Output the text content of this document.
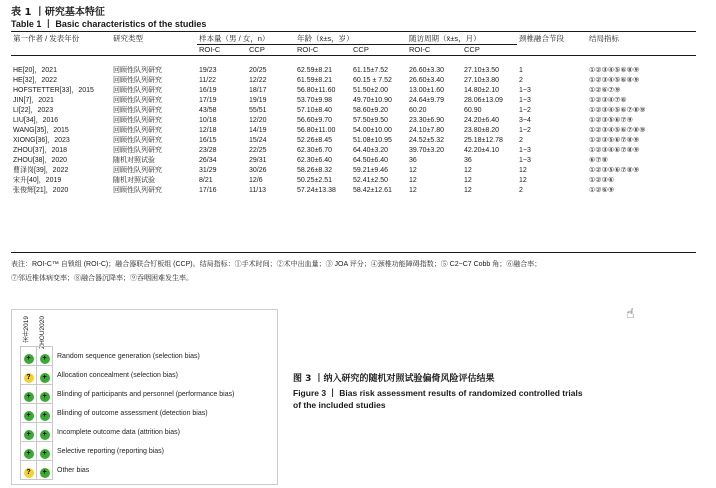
表 1 丨研究基本特征
Table 1 丨 Basic characteristics of the studies
第一作者 / 发表年份	研究类型	样本量（男 / 女，n）		年龄（x̄±s，岁）		随访周期（x̄±s，月）		颈椎融合节段	结局指标
		ROI-C	CCP	ROI-C	CCP	ROI-C	CCP		

HE[20]，2021	回顾性队列研究	19/23	20/25	62.59±8.21	61.15±7.52	26.60±3.30	27.10±3.50	1	①②③④⑤⑥⑧⑨
HE[32]，2022	回顾性队列研究	11/22	12/22	61.59±8.21	60.15 ± 7.52	26.60±3.40	27.10±3.80	2	①②③④⑤⑥⑧⑨
HOFSTETTER[33]，2015	回顾性队列研究	16/19	18/17	56.80±11.60	51.50±2.00	13.00±1.60	14.80±2.10	1−3	①②⑥⑦⑨
JIN[7]，2021	回顾性队列研究	17/19	19/19	53.70±9.98	49.70±10.90	24.64±9.79	28.06±13.09	1−3	①②③④⑦⑥
LI[22]，2023	回顾性队列研究	43/58	55/51	57.10±8.40	58.60±9.20	60.20	60.90	1−2	①②③④⑤⑥⑦⑧⑨
LIU[34]，2016	回顾性队列研究	10/18	12/20	56.60±9.70	57.50±9.50	23.30±6.90	24.20±6.40	3−4	①②③⑤⑥⑦⑨
WANG[35]，2015	回顾性队列研究	12/18	14/19	56.80±11.00	54.00±10.00	24.10±7.80	23.80±8.20	1−2	①②③④⑤⑥⑦⑧⑨
XIONG[36]，2023	回顾性队列研究	16/15	15/24	52.26±8.45	51.08±10.95	24.52±5.32	25.18±12.78	2	①②③⑤⑥⑦⑧⑨
ZHOU[37]，2018	回顾性队列研究	23/28	22/25	62.30±6.70	64.40±3.20	39.70±3.20	42.20±4.10	1−3	①②③④⑥⑦⑧⑨
ZHOU[38]，2020	随机对照试验	26/34	29/31	62.30±6.40	64.50±6.40	36	36	1−3	⑥⑦⑧
曹泽岗[39]，2022	回顾性队列研究	31/29	30/26	58.26±8.32	59.21±9.46	12	12	12	①②③⑤⑥⑦⑧⑨
宋升[40]，2019	随机对照试验	8/21	12/6	50.25±2.51	52.41±2.50	12	12	12	①②③⑥
张俊辉[21]，2020	回顾性队列研究	17/16	11/13	57.24±13.38	58.42±12.61	12	12	2	①②⑥⑨
表注：ROI-C™ 自锁组 (ROI-C)；融合器联合钉板组 (CCP)。结局指标：①手术时间；②术中出血量；③ JOA 评分；④颈椎功能障碍指数；⑤ C2−C7 Cobb 角；⑥融合率；
⑦邻近椎体病变率；⑧融合器沉降率；⑨吞咽困难发生率。
☝
宋升2019 ZHOU2020
+	+	Random sequence generation (selection bias)
?	+	Allocation concealment (selection bias)
+	+	Blinding of participants and personnel (performance bias)
+	+	Blinding of outcome assessment (detection bias)
+	+	Incomplete outcome data (attrition bias)
+	+	Selective reporting (reporting bias)
?	+	Other bias
图 3 丨纳入研究的随机对照试验偏倚风险评估结果
Figure 3 丨 Bias risk assessment results of randomized controlled trials
of the included studies
